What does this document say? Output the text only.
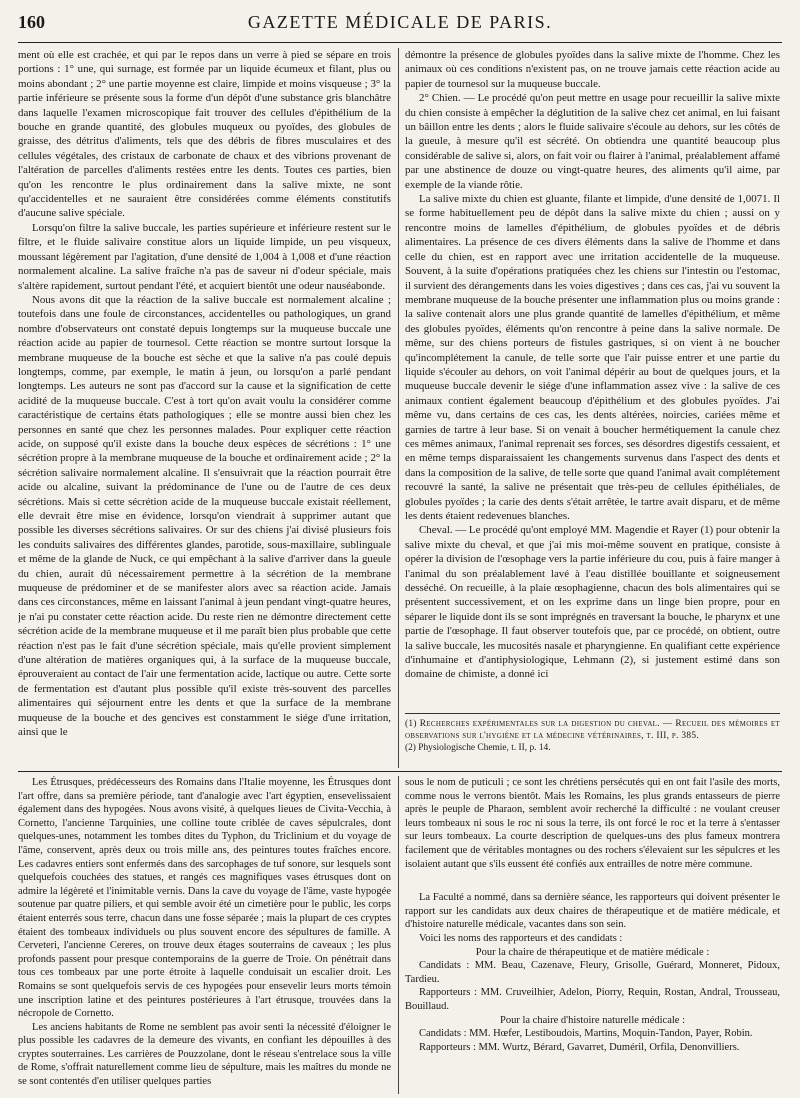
160	GAZETTE MÉDICALE DE PARIS.

ment où elle est crachée, et qui par le repos dans un verre à pied se sépare en trois portions : 1° une, qui surnage, est formée par un liquide écumeux et filant, plus ou moins abondant ; 2° une partie moyenne est claire, limpide et moins visqueuse ; 3° la partie inférieure se présente sous la forme d'un dépôt d'une substance gris blanchâtre dans laquelle l'examen microscopique fait trouver des cellules d'épithélium de la bouche en grande quantité, des globules muqueux ou pyoïdes, des globules de graisse, des détritus d'aliments, tels que des débris de fibres musculaires et des cellules végétales, des cristaux de carbonate de chaux et des vibrions provenant de l'altération de parcelles d'aliments restées entre les dents. Toutes ces parties, bien qu'on les rencontre le plus ordinairement dans la salive mixte, ne sont qu'accidentelles et ne sauraient être considérées comme éléments constitutifs d'aucune salive spéciale.

Lorsqu'on filtre la salive buccale, les parties supérieure et inférieure restent sur le filtre, et le fluide salivaire constitue alors un liquide limpide, un peu visqueux, moussant légèrement par l'agitation, d'une densité de 1,004 à 1,008 et d'une réaction normalement alcaline. La salive fraîche n'a pas de saveur ni d'odeur spéciale, mais s'altère rapidement, surtout pendant l'été, et acquiert bientôt une odeur nauséabonde.

Nous avons dit que la réaction de la salive buccale est normalement alcaline ; toutefois dans une foule de circonstances, accidentelles ou pathologiques, un grand nombre d'observateurs ont constaté depuis longtemps sur la muqueuse buccale une réaction acide au papier de tournesol. Cette réaction se montre surtout lorsque la membrane muqueuse de la bouche est sèche et que la salive n'a pas coulé depuis longtemps, comme, par exemple, le matin à jeun, ou lorsqu'on a parlé pendant longtemps. Les auteurs ne sont pas d'accord sur la cause et la signification de cette acidité de la muqueuse buccale. C'est à tort qu'on avait voulu la considérer comme caractéristique de certains états pathologiques ; elle se montre aussi bien chez les personnes en santé que chez les personnes malades. Pour expliquer cette réaction acide, on supposé qu'il existe dans la bouche deux espèces de sécrétions : 1° une sécrétion propre à la membrane muqueuse de la bouche et ordinairement acide ; 2° la sécrétion salivaire normalement alcaline. Il s'ensuivrait que la réaction pourrait être acide ou alcaline, suivant la prédominance de l'une ou de l'autre de ces deux sécrétions. Mais si cette sécrétion acide de la muqueuse buccale existait réellement, elle devrait être mise en évidence, lorsqu'on viendrait à supprimer autant que possible les diverses sécrétions salivaires. Or sur des chiens j'ai divisé plusieurs fois les conduits salivaires des différentes glandes, parotide, sous-maxillaire, sublinguale et même de la glande de Nuck, ce qui empêchant à la salive d'arriver dans la gueule du chien, aurait dû nécessairement permettre à la sécrétion de la membrane muqueuse de prédominer et de se manifester alors avec sa réaction acide. Jamais dans ces circonstances, même en laissant l'animal à jeun pendant vingt-quatre heures, je n'ai pu constater cette réaction acide. Du reste rien ne démontre directement cette sécrétion acide de la membrane muqueuse et il me paraît bien plus probable que cette réaction n'est pas le fait d'une sécrétion spéciale, mais qu'elle provient simplement d'une altération de matières organiques qui, à la surface de la muqueuse buccale, éprouveraient au contact de l'air une fermentation acide, lactique ou autre. Cette sorte de fermentation est d'autant plus possible qu'il existe très-souvent des parcelles alimentaires qui séjournent entre les dents et que la surface de la membrane muqueuse de la bouche et des gencives est constamment le siége d'une irritation, ainsi que le

démontre la présence de globules pyoïdes dans la salive mixte de l'homme. Chez les animaux où ces conditions n'existent pas, on ne trouve jamais cette réaction acide au papier de tournesol sur la muqueuse buccale.

2° Chien. — Le procédé qu'on peut mettre en usage pour recueillir la salive mixte du chien consiste à empêcher la déglutition de la salive chez cet animal, en lui faisant un bâillon entre les dents ; alors le fluide salivaire s'écoule au dehors, sur les côtés de la gueule, à mesure qu'il est sécrété. On obtiendra une quantité beaucoup plus considérable de salive si, alors, on fait voir ou flairer à l'animal, préalablement affamé par une abstinence de douze ou vingt-quatre heures, des aliments qu'il aime, par exemple de la viande rôtie.

La salive mixte du chien est gluante, filante et limpide, d'une densité de 1,0071. Il se forme habituellement peu de dépôt dans la salive mixte du chien ; aussi on y rencontre moins de lamelles d'épithélium, de globules pyoïdes et de débris alimentaires. La présence de ces divers éléments dans la salive de l'homme et dans celle du chien, est en rapport avec une irritation accidentelle de la muqueuse. Souvent, à la suite d'opérations pratiquées chez les chiens sur l'intestin ou l'estomac, il survient des dérangements dans les voies digestives ; dans ces cas, j'ai vu souvent la membrane muqueuse de la bouche présenter une inflammation plus ou moins grande : la salive contenait alors une plus grande quantité de lamelles d'épithélium, et même des globules pyoïdes, éléments qu'on rencontre à peine dans la salive normale. De même, sur des chiens porteurs de fistules gastriques, si on vient à ne boucher qu'incomplétement la canule, de telle sorte que l'air puisse entrer et une partie du liquide s'écouler au dehors, on voit l'animal dépérir au bout de quelques jours, et la muqueuse buccale devenir le siége d'une inflammation assez vive : la salive de ces animaux contient également beaucoup d'épithélium et des globules pyoïdes. J'ai même vu, dans certains de ces cas, les dents altérées, noircies, cariées même et garnies de tartre à leur base. Si on venait à boucher hermétiquement la canule chez ces mêmes animaux, l'animal reprenait ses forces, ses désordres digestifs cessaient, et en même temps disparaissaient les changements survenus dans l'aspect des dents et dans la composition de la salive, de telle sorte que quand l'animal avait complétement recouvré la santé, la salive ne présentait que très-peu de cellules épithéliales, de globules pyoïdes ; la carie des dents s'était arrêtée, le tartre avait disparu, et de même les dents étaient redevenues blanches.

Cheval. — Le procédé qu'ont employé MM. Magendie et Rayer (1) pour obtenir la salive mixte du cheval, et que j'ai mis moi-même souvent en pratique, consiste à opérer la division de l'œsophage vers la partie inférieure du cou, puis à faire manger à l'animal du son préalablement lavé à l'eau distillée bouillante et soigneusement desséché. On recueille, à la plaie œsophagienne, chacun des bols alimentaires qui se présentent successivement, et on les exprime dans un linge bien propre, pour en séparer le liquide dont ils se sont imprégnés en traversant la bouche, le pharynx et une partie de l'œsophage. Il faut observer toutefois que, par ce procédé, on obtient, outre la salive buccale, les mucosités nasale et pharyngienne. En qualifiant cette expérience d'inhumaine et d'antiphysiologique, Lehmann (2), si justement estimé dans son domaine de chimiste, a donné ici

(1) Recherches expérimentales sur la digestion du cheval. — Recueil des mémoires et observations sur l'hygiène et la médecine vétérinaires, t. III, p. 385.

(2) Physiologische Chemie, t. II, p. 14.

Les Étrusques, prédécesseurs des Romains dans l'Italie moyenne, les Étrusques dont l'art offre, dans sa première période, tant d'analogie avec l'art égyptien, ensevelissaient également dans des hypogées. Nous avons visité, à quelques lieues de Civita-Vecchia, à Cornetto, l'ancienne Tarquinies, une colline toute criblée de caves sépulcrales, dont quelques-unes, notamment les tombes dites du Typhon, du Triclinium et du voyage de l'âme, conservent, après deux ou trois mille ans, des peintures toutes fraîches encore. Les cadavres entiers sont enfermés dans des sarcophages de tuf sonore, sur lesquels sont quelquefois couchées des statues, et rangés ces magnifiques vases étrusques dont on admire la légèreté et l'inimitable vernis. Dans la cave du voyage de l'âme, vaste hypogée soutenue par quatre piliers, et qui semble avoir été un cimetière pour le public, les corps étaient enterrés sous terre, chacun dans une fosse séparée ; mais la plupart de ces cryptes étaient des tombeaux individuels ou plus souvent encore des sépultures de famille. A Cerveteri, l'ancienne Cereres, on trouve deux étages souterrains de caveaux ; les plus profonds passent pour presque contemporains de la guerre de Troie. On pénétrait dans tous ces tombeaux par une porte étroite à laquelle conduisait un escalier droit. Les Romains se sont quelquefois servis de ces hypogées pour ensevelir leurs morts témoin une inscription latine et des peintures postérieures à l'art étrusque, trouvées dans la nécropole de Cornetto.

Les anciens habitants de Rome ne semblent pas avoir senti la nécessité d'éloigner le plus possible les cadavres de la demeure des vivants, en confiant les dépouilles à des cryptes souterraines. Les carrières de Pouzzolane, dont le réseau s'entrelace sous la ville de Rome, s'offrait naturellement comme lieu de sépulture, mais les maîtres du monde ne se sont contentés d'en utiliser quelques parties

sous le nom de puticuli ; ce sont les chrétiens persécutés qui en ont fait l'asile des morts, comme nous le verrons bientôt. Mais les Romains, les plus grands entasseurs de pierre après le peuple de Pharaon, semblent avoir recherché la difficulté : ne voulant creuser leurs tombeaux ni sous le roc ni sous la terre, ils ont forcé le roc et la terre à s'entasser sur leurs tombeaux. La courte description de quelques-uns des plus fameux montrera facilement que de véritables montagnes ou des rochers s'élevaient sur les sépulcres et les isolaient autant que s'ils eussent été confiés aux entrailles de notre mère commune.

La Faculté a nommé, dans sa dernière séance, les rapporteurs qui doivent présenter le rapport sur les candidats aux deux chaires de thérapeutique et de matière médicale, et d'histoire naturelle médicale, vacantes dans son sein.

Voici les noms des rapporteurs et des candidats :

Pour la chaire de thérapeutique et de matière médicale :

Candidats : MM. Beau, Cazenave, Fleury, Grisolle, Guérard, Monneret, Pidoux, Tardieu.

Rapporteurs : MM. Cruveilhier, Adelon, Piorry, Requin, Rostan, Andral, Trousseau, Bouillaud.

Pour la chaire d'histoire naturelle médicale :

Candidats : MM. Hœfer, Lestiboudois, Martins, Moquin-Tandon, Payer, Robin.

Rapporteurs : MM. Wurtz, Bérard, Gavarret, Duméril, Orfila, Denonvilliers.
